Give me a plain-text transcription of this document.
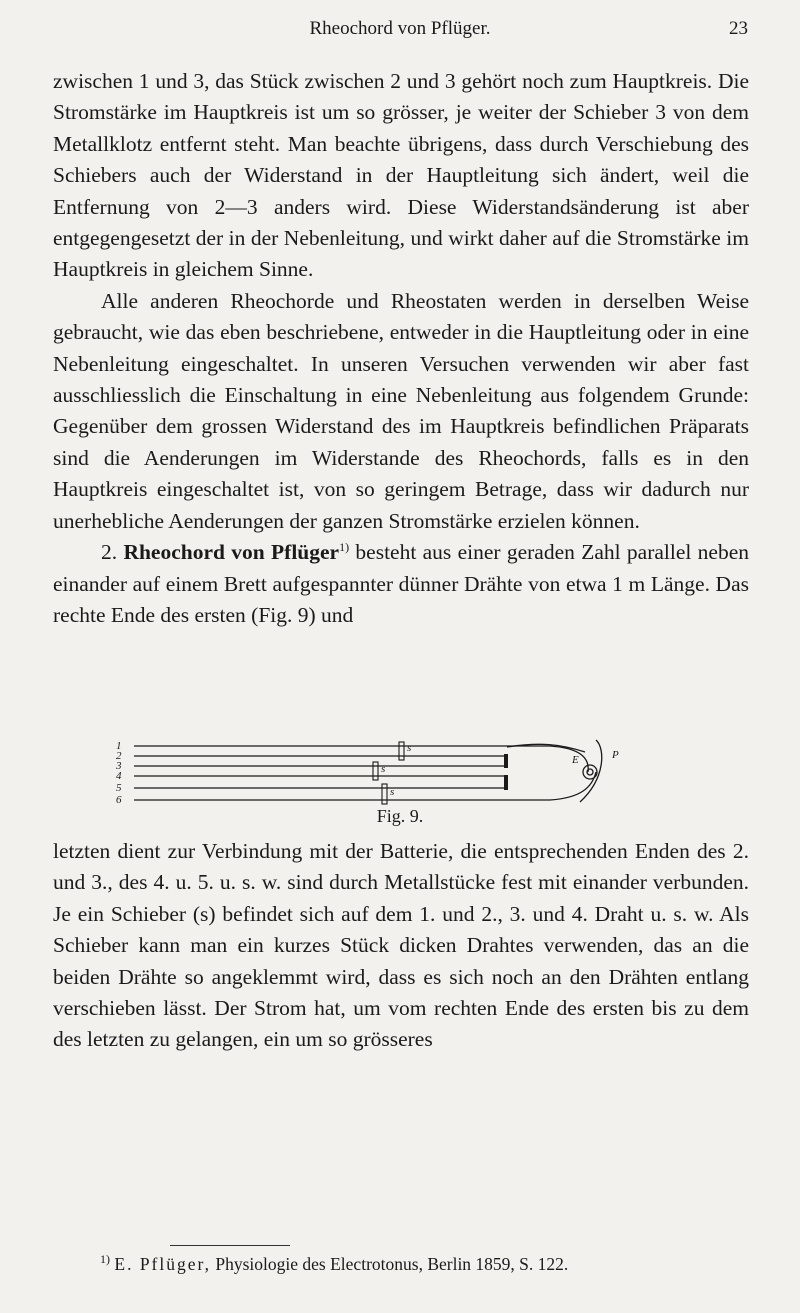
Rheochord von Pflüger.	23

zwischen 1 und 3, das Stück zwischen 2 und 3 gehört noch zum Hauptkreis. Die Stromstärke im Hauptkreis ist um so grösser, je weiter der Schieber 3 von dem Metallklotz entfernt steht. Man beachte übrigens, dass durch Verschiebung des Schiebers auch der Widerstand in der Hauptleitung sich ändert, weil die Entfernung von 2—3 anders wird. Diese Widerstandsänderung ist aber entgegengesetzt der in der Nebenleitung, und wirkt daher auf die Stromstärke im Hauptkreis in gleichem Sinne.

Alle anderen Rheochorde und Rheostaten werden in derselben Weise gebraucht, wie das eben beschriebene, entweder in die Hauptleitung oder in eine Nebenleitung eingeschaltet. In unseren Versuchen verwenden wir aber fast ausschliesslich die Einschaltung in eine Nebenleitung aus folgendem Grunde: Gegenüber dem grossen Widerstand des im Hauptkreis befindlichen Präparats sind die Aenderungen im Widerstande des Rheochords, falls es in den Hauptkreis eingeschaltet ist, von so geringem Betrage, dass wir dadurch nur unerhebliche Aenderungen der ganzen Stromstärke erzielen können.

2. Rheochord von Pflüger$^{1)}$ besteht aus einer geraden Zahl parallel neben einander auf einem Brett aufgespannter dünner Drähte von etwa 1 m Länge. Das rechte Ende des ersten (Fig. 9) und

1
2
3
4
5
6
s
s
s
E	P
Fig. 9.

letzten dient zur Verbindung mit der Batterie, die entsprechenden Enden des 2. und 3., des 4. u. 5. u. s. w. sind durch Metallstücke fest mit einander verbunden. Je ein Schieber (s) befindet sich auf dem 1. und 2., 3. und 4. Draht u. s. w. Als Schieber kann man ein kurzes Stück dicken Drahtes verwenden, das an die beiden Drähte so angeklemmt wird, dass es sich noch an den Drähten entlang verschieben lässt. Der Strom hat, um vom rechten Ende des ersten bis zu dem des letzten zu gelangen, ein um so grösseres

$^{1)}$ E. Pflüger, Physiologie des Electrotonus, Berlin 1859, S. 122.
